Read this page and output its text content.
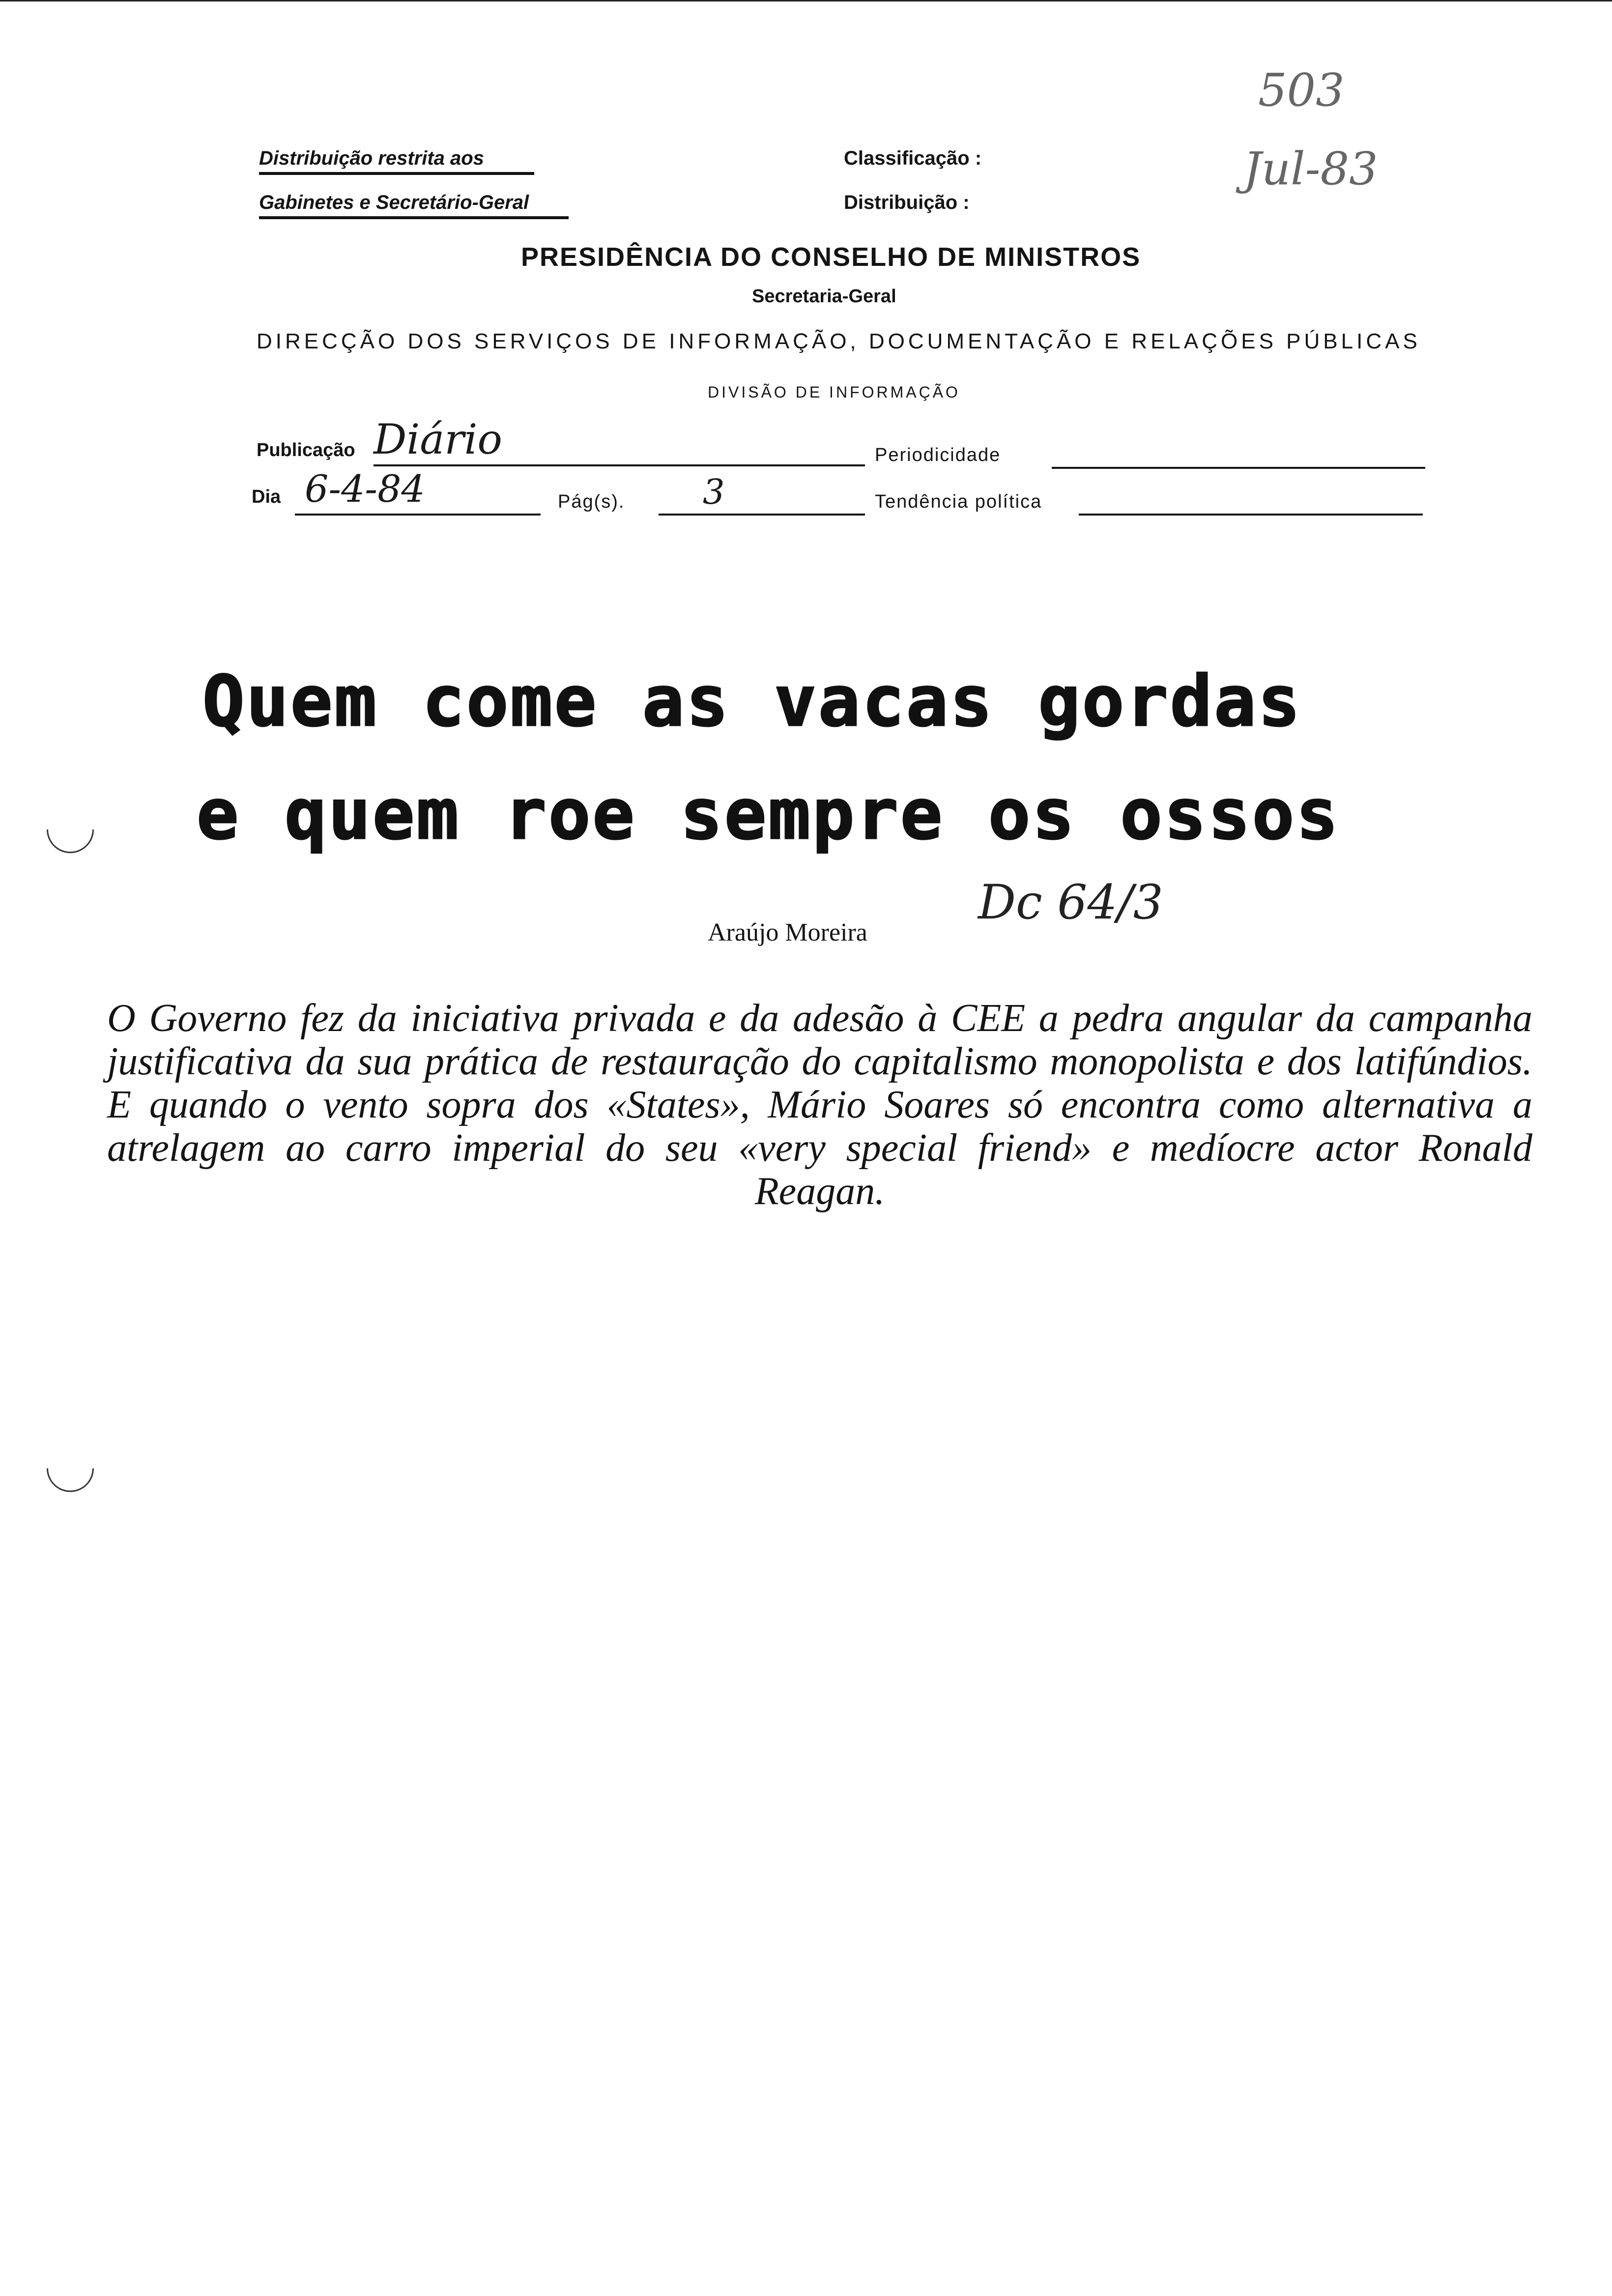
Distribuição restrita aos
Gabinetes e Secretário-Geral
Classificação :
Distribuição :
503
Jul-83
PRESIDÊNCIA DO CONSELHO DE MINISTROS
Secretaria-Geral
DIRECÇÃO DOS SERVIÇOS DE INFORMAÇÃO, DOCUMENTAÇÃO E RELAÇÕES PÚBLICAS
DIVISÃO DE INFORMAÇÃO
Publicação Diário	Periodicidade
Dia 6-4-84	Pág(s). 3	Tendência política
Quem come as vacas gordas
e quem roe sempre os ossos
Araújo Moreira
Dc 64/3
O Governo fez da iniciativa privada e da adesão à CEE a pedra angular da campanha justificativa da sua prática de restauração do capitalismo monopolista e dos latifúndios. E quando o vento sopra dos «States», Mário Soares só encontra como alternativa a atrelagem ao carro imperial do seu «very special friend» e medíocre actor Ronald Reagan.
